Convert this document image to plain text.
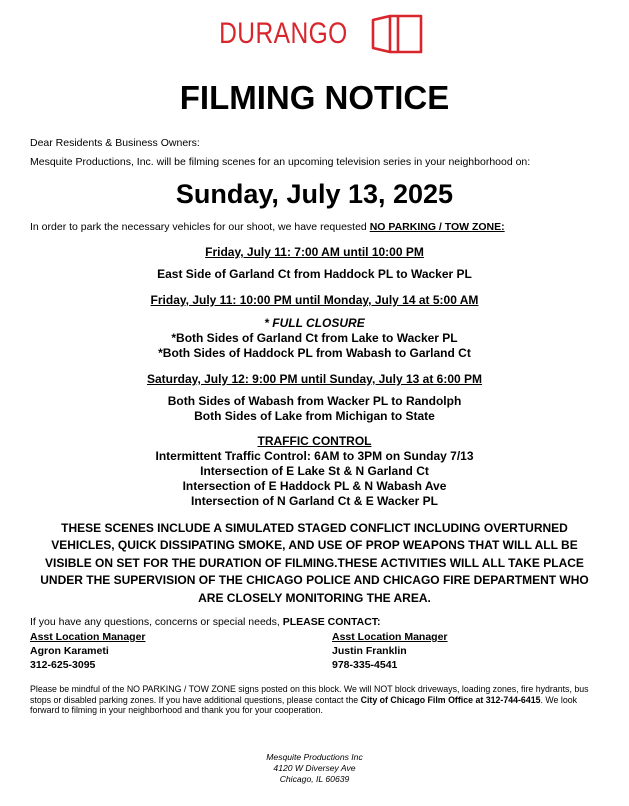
DURANGO
FILMING NOTICE
Dear Residents & Business Owners:
Mesquite Productions, Inc. will be filming scenes for an upcoming television series in your neighborhood on:
Sunday, July 13, 2025
In order to park the necessary vehicles for our shoot, we have requested NO PARKING / TOW ZONE:
Friday, July 11: 7:00 AM until 10:00 PM
East Side of Garland Ct from Haddock PL to Wacker PL
Friday, July 11: 10:00 PM until Monday, July 14 at 5:00 AM
* FULL CLOSURE
*Both Sides of Garland Ct from Lake to Wacker PL
*Both Sides of Haddock PL from Wabash to Garland Ct
Saturday, July 12: 9:00 PM until Sunday, July 13 at 6:00 PM
Both Sides of Wabash from Wacker PL to Randolph
Both Sides of Lake from Michigan to State
TRAFFIC CONTROL
Intermittent Traffic Control: 6AM to 3PM on Sunday 7/13
Intersection of E Lake St & N Garland Ct
Intersection of E Haddock PL & N Wabash Ave
Intersection of N Garland Ct & E Wacker PL
THESE SCENES INCLUDE A SIMULATED STAGED CONFLICT INCLUDING OVERTURNED VEHICLES, QUICK DISSIPATING SMOKE, AND USE OF PROP WEAPONS THAT WILL ALL BE VISIBLE ON SET FOR THE DURATION OF FILMING.THESE ACTIVITIES WILL ALL TAKE PLACE UNDER THE SUPERVISION OF THE CHICAGO POLICE AND CHICAGO FIRE DEPARTMENT WHO ARE CLOSELY MONITORING THE AREA.
If you have any questions, concerns or special needs, PLEASE CONTACT:
Asst Location Manager
Agron Karameti
312-625-3095
Asst Location Manager
Justin Franklin
978-335-4541
Please be mindful of the NO PARKING / TOW ZONE signs posted on this block. We will NOT block driveways, loading zones, fire hydrants, bus stops or disabled parking zones. If you have additional questions, please contact the City of Chicago Film Office at 312-744-6415. We look forward to filming in your neighborhood and thank you for your cooperation.
Mesquite Productions Inc
4120 W Diversey Ave
Chicago, IL 60639
